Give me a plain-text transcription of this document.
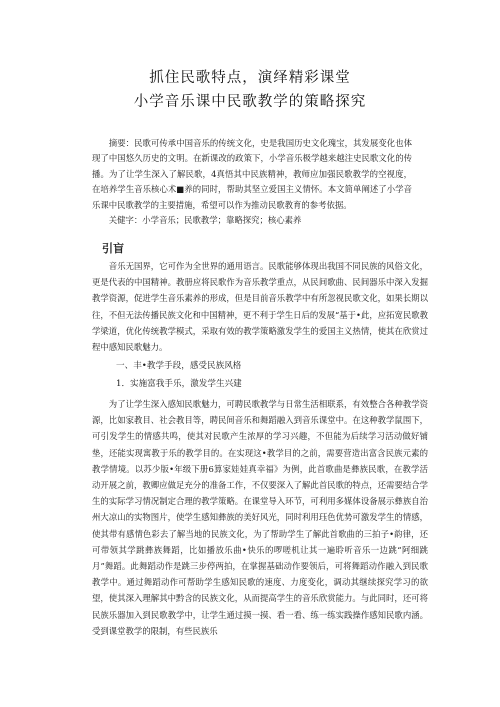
抓住民歌特点，演绎精彩课堂
小学音乐课中民歌教学的策略探究

摘要：民歌可传承中国音乐的传统文化，史是我国历史文化瑰宝，其发展变化也体现了中国悠久历史的文明。在新课改的政策下，小学音乐极学越来越注史民歌文化的传播。为了让学生深入了解民歌，4真悟其中民族精神，教师应加强民歌教学的空视度，在培养学生音乐核心术■养的同时，帮助其坚立爱国主义情怀。本文简单阐述了小学音乐课中民歌教学的主要措施，希望可以作为推动民歌教育的参考依据。

关健字：小学音乐；民歌教学；靠略探究；核心素养

引盲

音乐无国界，它可作为全世界的通用语言。民歌能够体现出我国不同民族的风俗文化，更是代表的中国精神。教册应将民歌作为音乐教学重点，从民间歌曲、民间器乐中深入发掘教学资源，促进学生音乐素养的形成，但是目前音乐教学中有所忽视民歌文化，如果长期以往，不但无法传播民族文化和中国精神，更不利于学生日后的发展“基于•此，应拓宽民歌教学梁道，优化传统教学模式，采取有效的教学策略激发学生的爱国主义热情，使其在欣赏过程中感知民歌魅力。

一、丰•教学手段，感受民族风格
1．实施富我手乐，激发学生兴建

为了让学生深入感知民歌魅力，可聘民歌教学与日常生活相联系，有效整合各种教学资源，比如家教目、社会教目等，聘民间音乐和舞蹈融入到音乐课堂中。在这种教学鼠围下，可引发学生的情感共鸣，使其对民歌产生浓厚的学习兴趣，不但能为后续学习活动做好铺垫，还能实现寓教于乐的教学目的。在实现这•教学目的之前，需要营造出富含民族元素的教学情境。以苏少版•年级下册6算家娃娃真幸福》为例，此首歌曲是彝族民歌，在教学活动开展之前，教卿应做足充分的准备工作，不仅要深入了解此首民歌的特点，还需要结合学生的实际学习情况制定合理的教学策略。在课堂导入环节，可利用多媒体设备展示彝族自治州大凉山的实物图片，使学生感知彝族的美好风光，同时利用珏色优势可激发学生的情感，使其带有感情色彩去了解当地的民族文化，为了帮助学生了解此首歌曲的三拍子•韵律，还可带领其学跳彝族舞蹈，比如播放乐曲•快乐的啰嗟机让其一遍聆听音乐一边跳“阿细跳月”舞蹈。此舞蹈动作是跳三步停两拍，在掌握基础动作要领后，可将舞蹈动作融入到民歌教学中。通过舞蹈动作可帮助学生感知民歌的速度、力度变化，调动其继续探究学习的欲望，使其深入理解其中黔含的民族文化，从而提高学生的音乐欣赏能力。与此同时，还可将民族乐器加入到民歌教学中，让学生通过摸一摸、看一看、练一练实践操作感知民歌内涵。受到课堂教学的限制，有些民族乐
